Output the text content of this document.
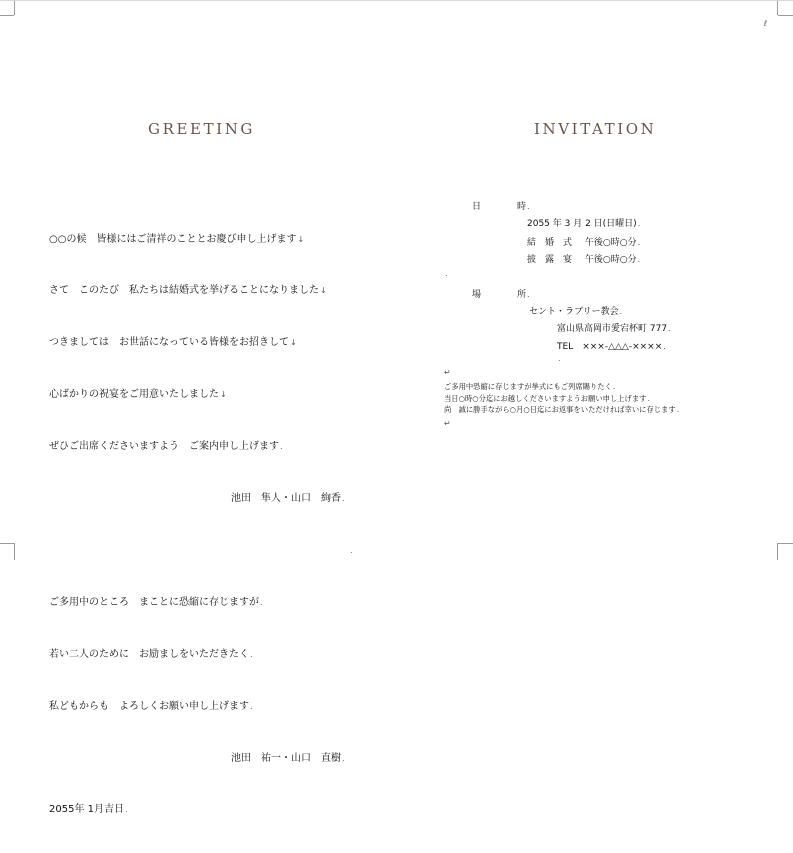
ℓ
GREETING

○○の候　皆様にはご清祥のこととお慶び申し上げます↓

さて　このたび　私たちは結婚式を挙げることになりました↓

つきましては　お世話になっている皆様をお招きして↓

心ばかりの祝宴をご用意いたしました↓

ぜひご出席くださいますよう　ご案内申し上げます.

池田　隼人・山口　絢香.

.

ご多用中のところ　まことに恐縮に存じますが.

若い二人のために　お励ましをいただきたく.

私どもからも　よろしくお願い申し上げます.

池田　祐一・山口　直樹.

2055年 1月吉日.

INVITATION
日　　　　時.
2055 年 3 月 2 日(日曜日).
結　婚　式 午後○時○分.
披　露　宴 午後○時○分.
.
場　　　　所.
セント・ラブリー教会.
富山県高岡市愛宕杯町 777.
TEL　×××-△△△-××××.
.
↵
ご多用中恐縮に存じますが挙式にもご列席賜りたく.
当日○時○分迄にお越しくださいますようお願い申し上げます.
尚　誠に勝手ながら○月○日迄にお返事をいただければ幸いに存じます.
↵
